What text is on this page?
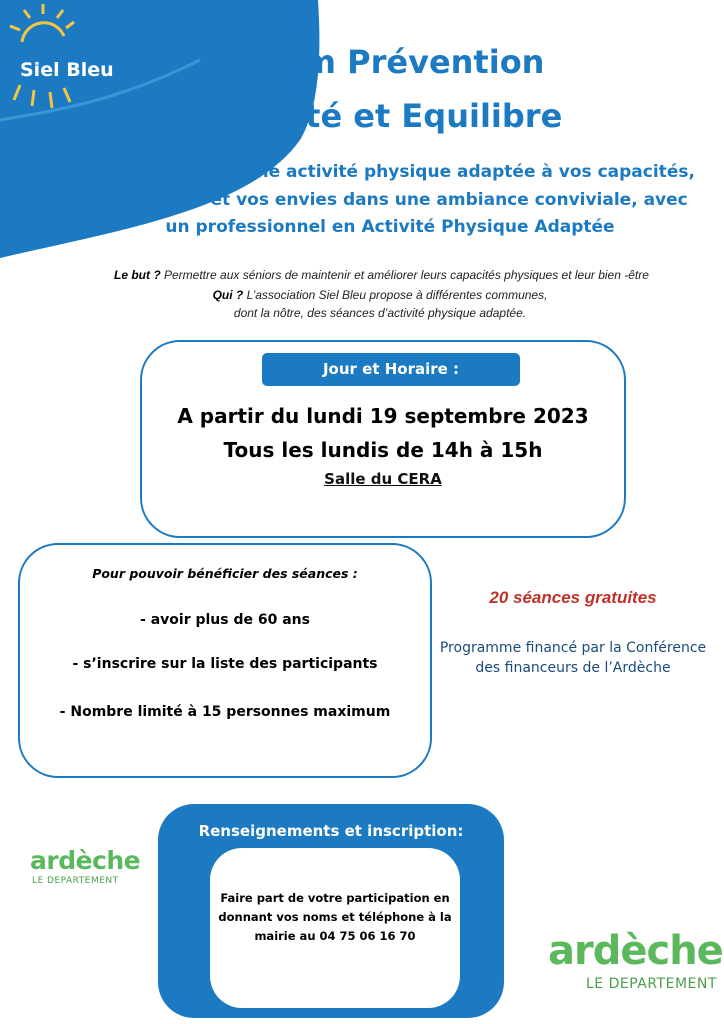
Siel Bleu	Gym Prévention
Santé et Equilibre
Venez pratiquer une activité physique adaptée à vos capacités,
vos besoins et vos envies dans une ambiance conviviale, avec
un professionnel en Activité Physique Adaptée
Le but ? Permettre aux séniors de maintenir et améliorer leurs capacités physiques et leur bien -être
Qui ? L’association Siel Bleu propose à différentes communes,
dont la nôtre, des séances d’activité physique adaptée.
Jour et Horaire :
A partir du lundi 19 septembre 2023
Tous les lundis de 14h à 15h
Salle du CERA
Pour pouvoir bénéficier des séances :
- avoir plus de 60 ans
- s’inscrire sur la liste des participants
- Nombre limité à 15 personnes maximum
20 séances gratuites
Programme financé par la Conférence
des financeurs de l’Ardèche
Renseignements et inscription:
Faire part de votre participation en
donnant vos noms et téléphone à la
mairie au 04 75 06 16 70
ardèche
LE DEPARTEMENT
ardèche
LE DEPARTEMENT
